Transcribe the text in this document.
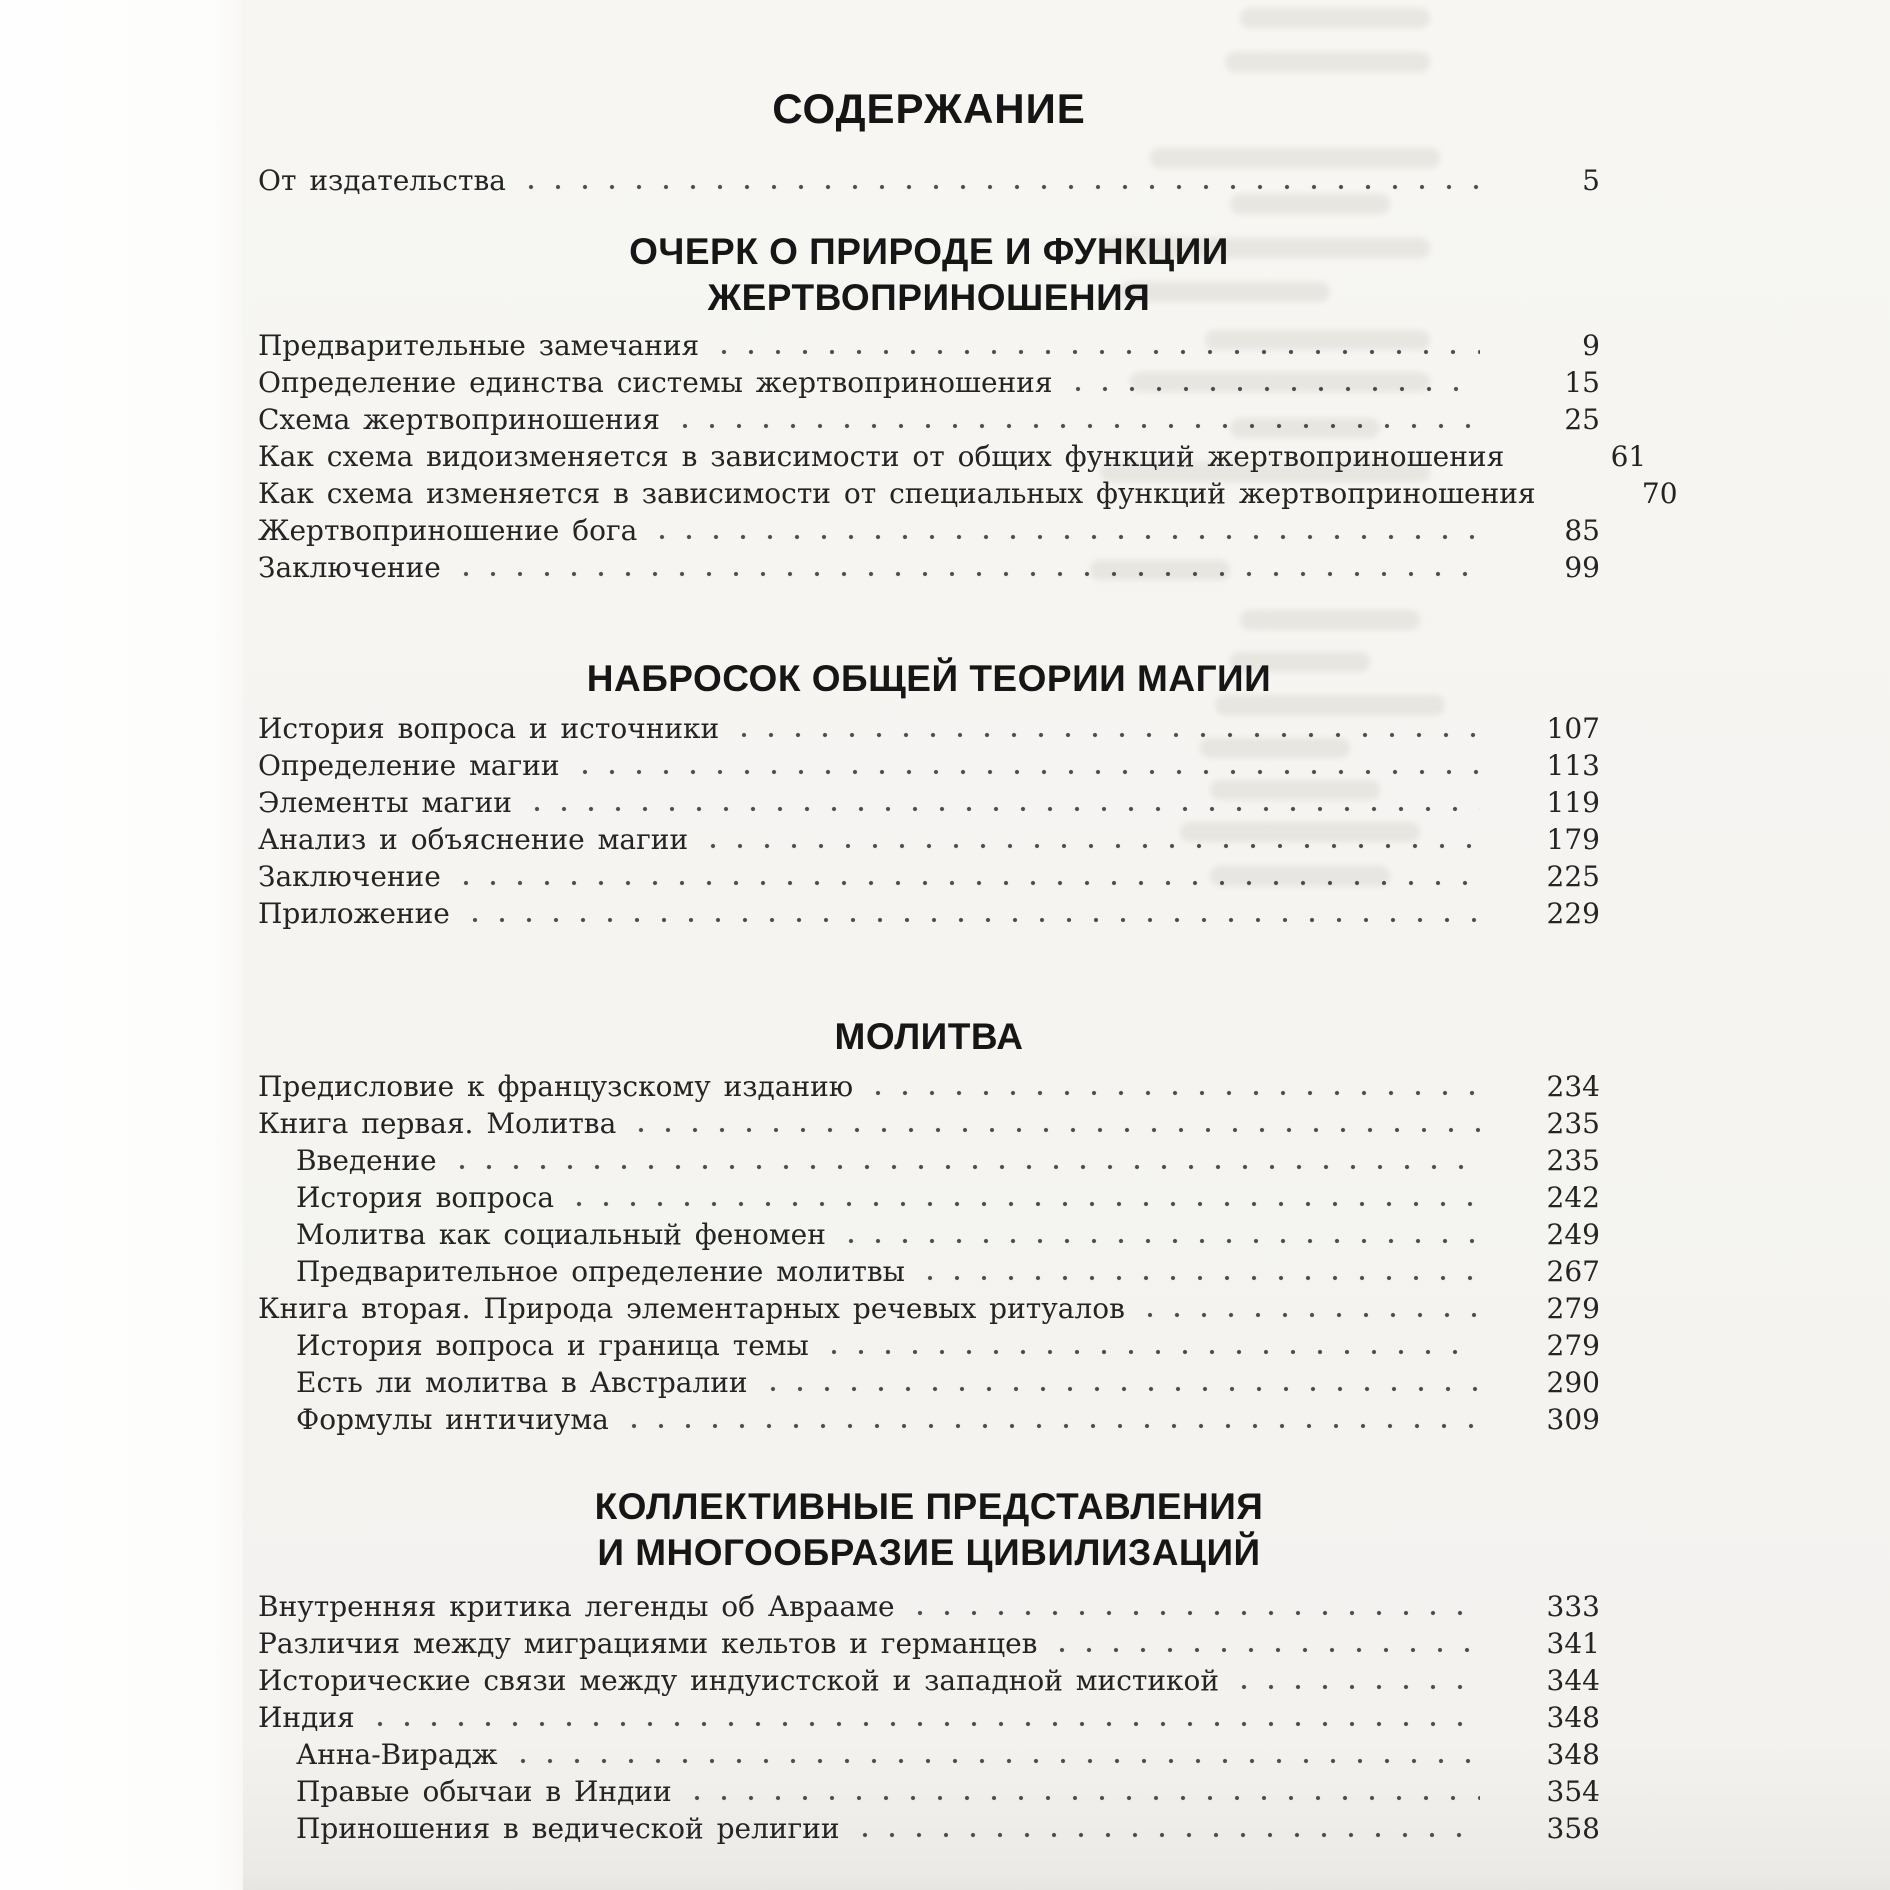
СОДЕРЖАНИЕ
От издательства	5
ОЧЕРК О ПРИРОДЕ И ФУНКЦИИ
ЖЕРТВОПРИНОШЕНИЯ
Предварительные замечания	9
Определение единства системы жертвоприношения	15
Схема жертвоприношения	25
Как схема видоизменяется в зависимости от общих функций жертвоприношения	61
Как схема изменяется в зависимости от специальных функций жертвоприношения	70
Жертвоприношение бога	85
Заключение	99
НАБРОСОК ОБЩЕЙ ТЕОРИИ МАГИИ
История вопроса и источники	107
Определение магии	113
Элементы магии	119
Анализ и объяснение магии	179
Заключение	225
Приложение	229
МОЛИТВА
Предисловие к французскому изданию	234
Книга первая. Молитва	235
Введение	235
История вопроса	242
Молитва как социальный феномен	249
Предварительное определение молитвы	267
Книга вторая. Природа элементарных речевых ритуалов	279
История вопроса и граница темы	279
Есть ли молитва в Австралии	290
Формулы интичиума	309
КОЛЛЕКТИВНЫЕ ПРЕДСТАВЛЕНИЯ
И МНОГООБРАЗИЕ ЦИВИЛИЗАЦИЙ
Внутренняя критика легенды об Аврааме	333
Различия между миграциями кельтов и германцев	341
Исторические связи между индуистской и западной мистикой	344
Индия	348
Анна-Вирадж	348
Правые обычаи в Индии	354
Приношения в ведической религии	358
